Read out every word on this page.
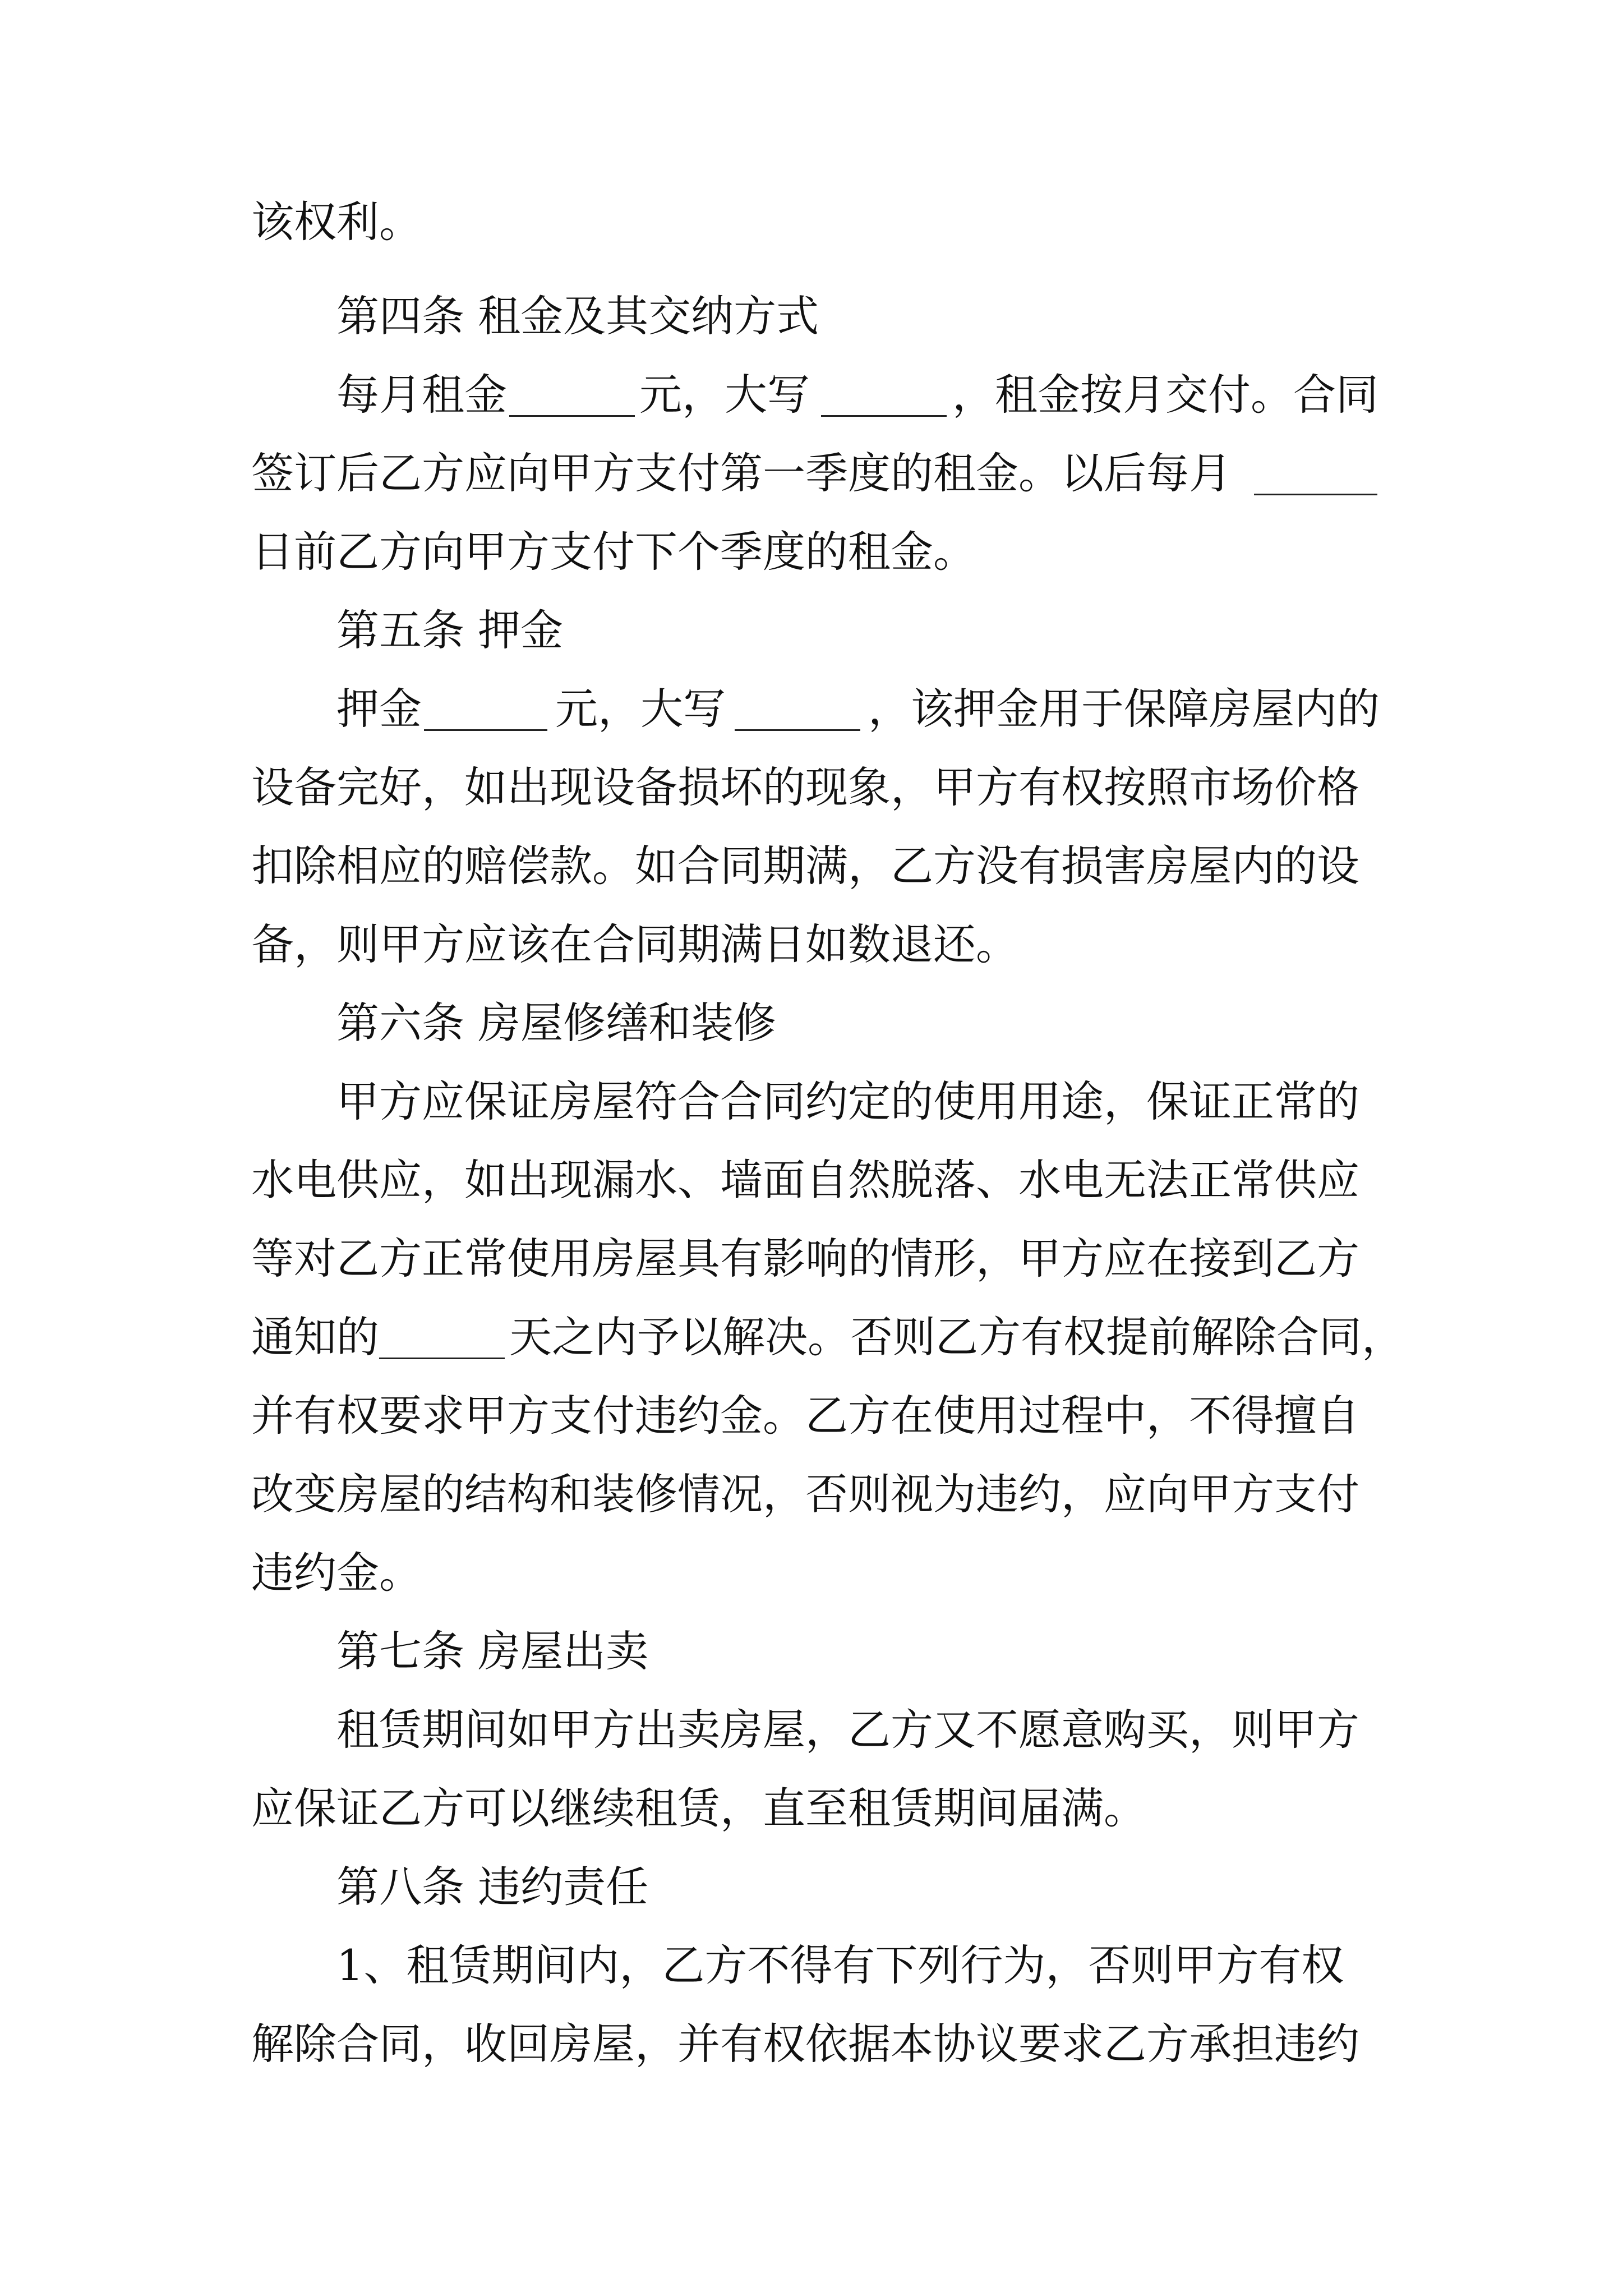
该权利。
第四条 租金及其交纳方式
每月租金	元，大写	，租金按月交付。合同
签订后乙方应向甲方支付第一季度的租金。以后每月
日前乙方向甲方支付下个季度的租金。
第五条 押金
押金	元，大写	，该押金用于保障房屋内的
设备完好，如出现设备损坏的现象，甲方有权按照市场价格
扣除相应的赔偿款。如合同期满，乙方没有损害房屋内的设
备，则甲方应该在合同期满日如数退还。
第六条 房屋修缮和装修
甲方应保证房屋符合合同约定的使用用途，保证正常的
水电供应，如出现漏水、墙面自然脱落、水电无法正常供应
等对乙方正常使用房屋具有影响的情形，甲方应在接到乙方
通知的	天之内予以解决。否则乙方有权提前解除合同，
并有权要求甲方支付违约金。乙方在使用过程中，不得擅自
改变房屋的结构和装修情况，否则视为违约，应向甲方支付
违约金。
第七条 房屋出卖
租赁期间如甲方出卖房屋，乙方又不愿意购买，则甲方
应保证乙方可以继续租赁，直至租赁期间届满。
第八条 违约责任
1、租赁期间内，乙方不得有下列行为，否则甲方有权
解除合同，收回房屋，并有权依据本协议要求乙方承担违约
